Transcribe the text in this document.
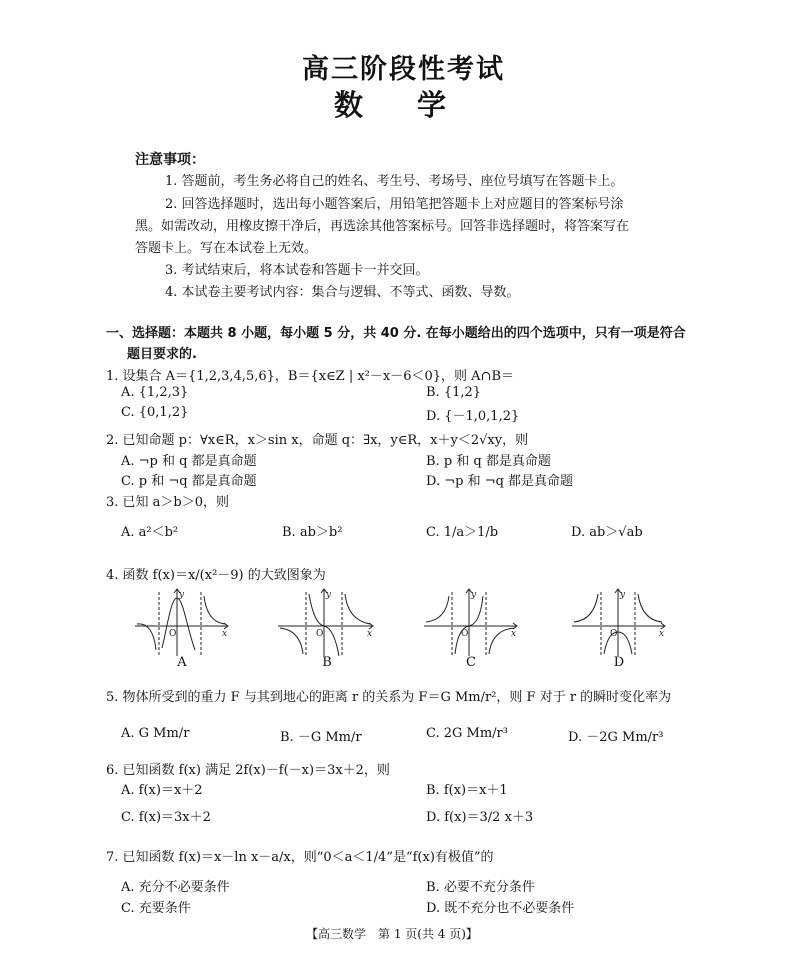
高三阶段性考试
数学
注意事项：
1. 答题前，考生务必将自己的姓名、考生号、考场号、座位号填写在答题卡上。
2. 回答选择题时，选出每小题答案后，用铅笔把答题卡上对应题目的答案标号涂
黑。如需改动，用橡皮擦干净后，再选涂其他答案标号。回答非选择题时，将答案写在
答题卡上。写在本试卷上无效。
3. 考试结束后，将本试卷和答题卡一并交回。
4. 本试卷主要考试内容：集合与逻辑、不等式、函数、导数。
一、选择题：本题共 8 小题，每小题 5 分，共 40 分. 在每小题给出的四个选项中，只有一项是符合
题目要求的.
1. 设集合 A＝{1,2,3,4,5,6}，B＝{x∈Z | x²－x－6＜0}，则 A∩B＝
A. {1,2,3}	B. {1,2}
C. {0,1,2}	D. {－1,0,1,2}
2. 已知命题 p：∀x∈R，x＞sin x，命题 q：∃x，y∈R，x＋y＜2√xy，则
A. ¬p 和 q 都是真命题	B. p 和 q 都是真命题
C. p 和 ¬q 都是真命题	D. ¬p 和 ¬q 都是真命题
3. 已知 a＞b＞0，则
A. a²＜b²	B. ab＞b²	C. 1/a＞1/b	D. ab＞√ab
4. 函数 f(x)＝x/(x²－9) 的大致图象为
y
x
O
A
y
x
O
B
y
x
O
C
y
x
O
D
5. 物体所受到的重力 F 与其到地心的距离 r 的关系为 F＝G Mm/r²，则 F 对于 r 的瞬时变化率为
A. G Mm/r	B. －G Mm/r	C. 2G Mm/r³	D. －2G Mm/r³
6. 已知函数 f(x) 满足 2f(x)－f(－x)＝3x＋2，则
A. f(x)＝x＋2	B. f(x)＝x＋1
C. f(x)＝3x＋2	D. f(x)＝3/2 x＋3
7. 已知函数 f(x)＝x－ln x－a/x，则“0＜a＜1/4”是“f(x)有极值”的
A. 充分不必要条件	B. 必要不充分条件
C. 充要条件	D. 既不充分也不必要条件
【高三数学　第 1 页(共 4 页)】
